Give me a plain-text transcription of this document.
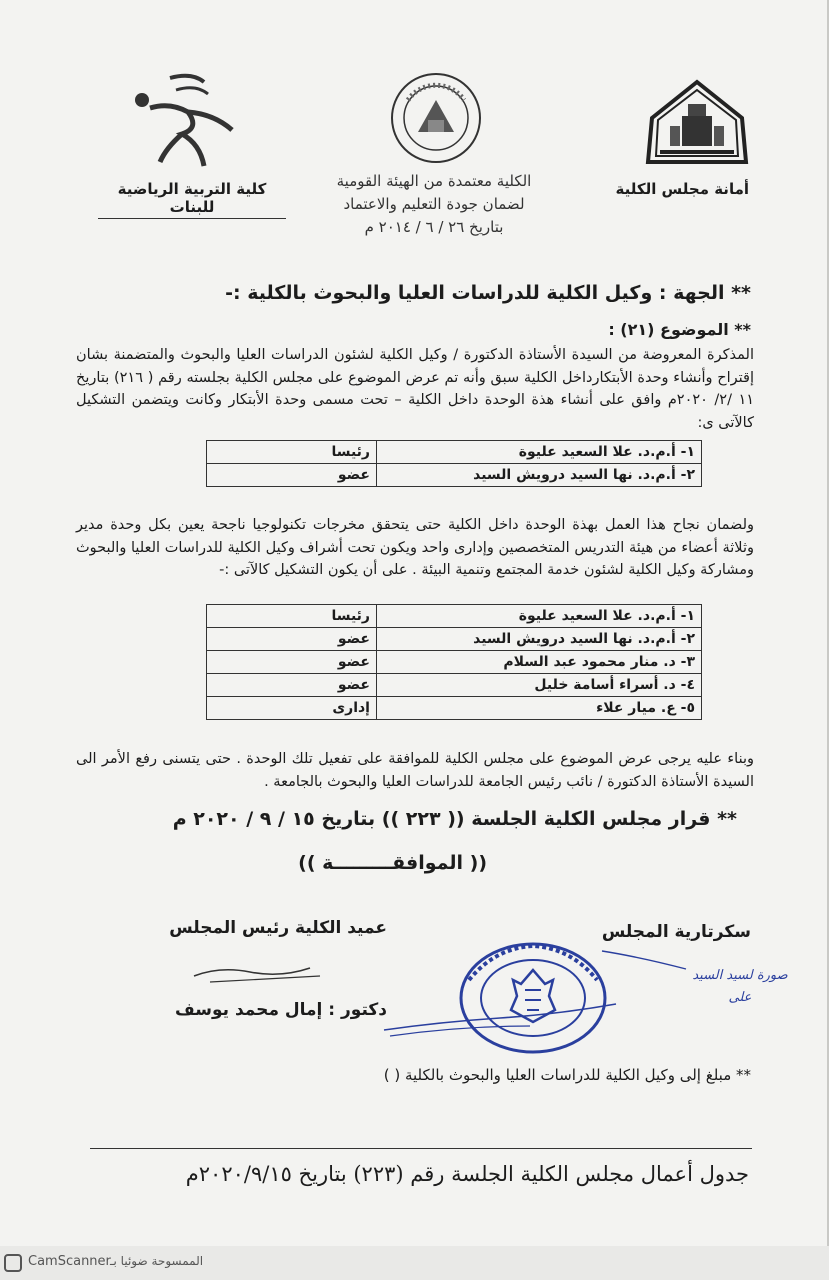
أمانة مجلس الكلية
الكلية معتمدة من الهيئة القومية
لضمان جودة التعليم والاعتماد
بتاريخ ٢٦ / ٦ / ٢٠١٤ م
كلية التربية الرياضية للبنات
** الجهة : وكيل الكلية للدراسات العليا والبحوث بالكلية :-
** الموضوع (٢١) :
المذكرة المعروضة من السيدة الأستاذة الدكتورة / وكيل الكلية لشئون الدراسات العليا والبحوث والمتضمنة بشان إقتراح وأنشاء وحدة الأبتكارداخل الكلية سبق وأنه تم عرض الموضوع على مجلس الكلية بجلسته رقم ( ٢١٦) بتاريخ ١١ /٢/ ٢٠٢٠م وافق على أنشاء هذة الوحدة داخل الكلية – تحت مسمى وحدة الأبتكار وكانت ويتضمن التشكيل كالآتى ى:
١- أ.م.د. علا السعيد عليوة	رئيسا
٢- أ.م.د. نها السيد درويش السيد	عضو
ولضمان نجاح هذا العمل بهذة الوحدة داخل الكلية حتى يتحقق مخرجات تكنولوجيا ناجحة يعين بكل وحدة مدير وثلاثة أعضاء من هيئة التدريس المتخصصين وإدارى واحد ويكون تحت أشراف وكيل الكلية للدراسات العليا والبحوث ومشاركة وكيل الكلية لشئون خدمة المجتمع وتنمية البيئة . على أن يكون التشكيل كالآتى :-
١- أ.م.د. علا السعيد عليوة	رئيسا
٢- أ.م.د. نها السيد درويش السيد	عضو
٣- د. منار محمود عبد السلام	عضو
٤- د. أسراء أسامة خليل	عضو
٥- ع. ميار علاء	إدارى
وبناء عليه يرجى عرض الموضوع على مجلس الكلية للموافقة على تفعيل تلك الوحدة . حتى يتسنى رفع الأمر الى السيدة الأستاذة الدكتورة / نائب رئيس الجامعة للدراسات العليا والبحوث بالجامعة .
** قرار مجلس الكلية الجلسة (( ٢٢٣ )) بتاريخ ١٥ / ٩ / ٢٠٢٠ م
(( الموافقـــــــــة ))
سكرتارية المجلس
عميد الكلية رئيس المجلس
دكتور : إمال محمد يوسف
صورة لسيد السيد
على
** مبلغ إلى وكيل الكلية للدراسات العليا والبحوث بالكلية ( )
جدول أعمال مجلس الكلية الجلسة رقم (٢٢٣) بتاريخ ٢٠٢٠/٩/١٥م
CamScanner الممسوحة ضوئيا بـ
